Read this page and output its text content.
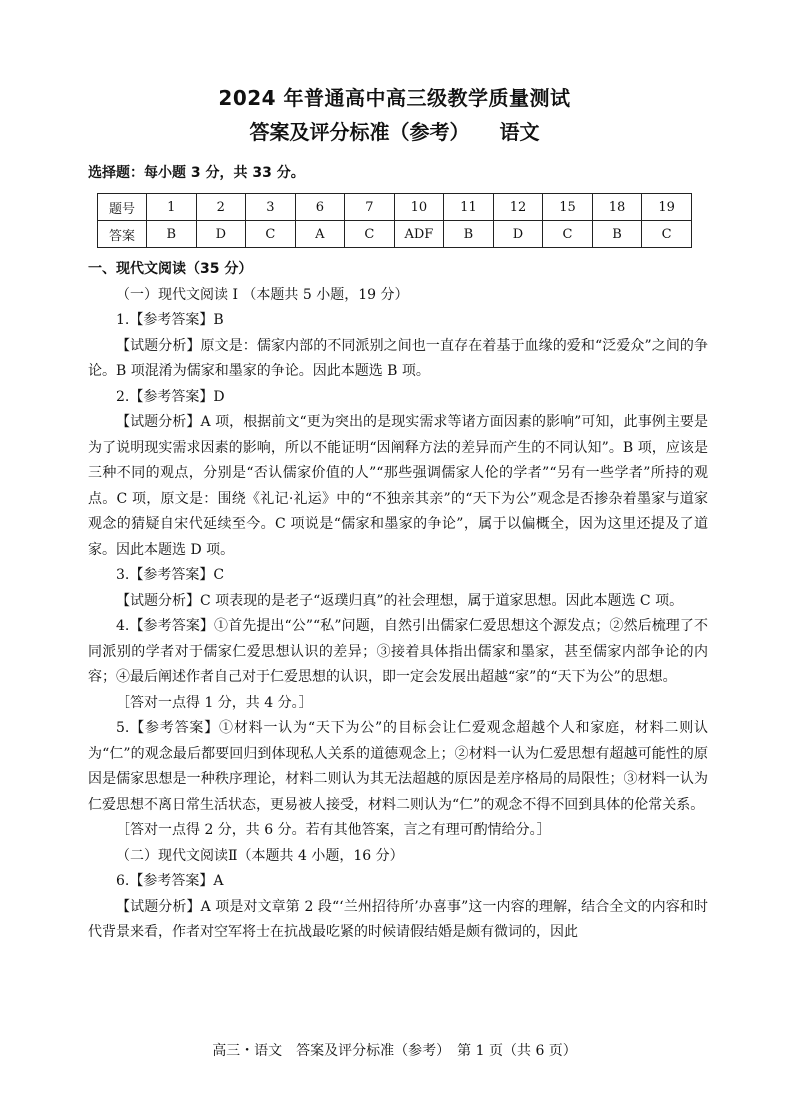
2024 年普通高中高三级教学质量测试
答案及评分标准（参考） 语文
选择题：每小题 3 分，共 33 分。
题号	1	2	3	6	7	10	11	12	15	18	19
答案	B	D	C	A	C	ADF	B	D	C	B	C

一、现代文阅读（35 分）

（一）现代文阅读 I （本题共 5 小题，19 分）

1.【参考答案】B

【试题分析】原文是：儒家内部的不同派别之间也一直存在着基于血缘的爱和“泛爱众”之间的争论。B 项混淆为儒家和墨家的争论。因此本题选 B 项。

2.【参考答案】D

【试题分析】A 项，根据前文“更为突出的是现实需求等诸方面因素的影响”可知，此事例主要是为了说明现实需求因素的影响，所以不能证明“因阐释方法的差异而产生的不同认知”。B 项，应该是三种不同的观点，分别是“否认儒家价值的人”“那些强调儒家人伦的学者”“另有一些学者”所持的观点。C 项，原文是：围绕《礼记·礼运》中的“不独亲其亲”的“天下为公”观念是否掺杂着墨家与道家观念的猜疑自宋代延续至今。C 项说是“儒家和墨家的争论”，属于以偏概全，因为这里还提及了道家。因此本题选 D 项。

3.【参考答案】C

【试题分析】C 项表现的是老子“返璞归真”的社会理想，属于道家思想。因此本题选 C 项。

4.【参考答案】①首先提出“公”“私”问题，自然引出儒家仁爱思想这个源发点；②然后梳理了不同派别的学者对于儒家仁爱思想认识的差异；③接着具体指出儒家和墨家，甚至儒家内部争论的内容；④最后阐述作者自己对于仁爱思想的认识，即一定会发展出超越“家”的“天下为公”的思想。

［答对一点得 1 分，共 4 分。］

5.【参考答案】①材料一认为“天下为公”的目标会让仁爱观念超越个人和家庭，材料二则认为“仁”的观念最后都要回归到体现私人关系的道德观念上；②材料一认为仁爱思想有超越可能性的原因是儒家思想是一种秩序理论，材料二则认为其无法超越的原因是差序格局的局限性；③材料一认为仁爱思想不离日常生活状态，更易被人接受，材料二则认为“仁”的观念不得不回到具体的伦常关系。

［答对一点得 2 分，共 6 分。若有其他答案，言之有理可酌情给分。］

（二）现代文阅读Ⅱ（本题共 4 小题，16 分）

6.【参考答案】A

【试题分析】A 项是对文章第 2 段“‘兰州招待所’办喜事”这一内容的理解，结合全文的内容和时代背景来看，作者对空军将士在抗战最吃紧的时候请假结婚是颇有微词的，因此

高三・语文　答案及评分标准（参考）　第 1 页（共 6 页）
